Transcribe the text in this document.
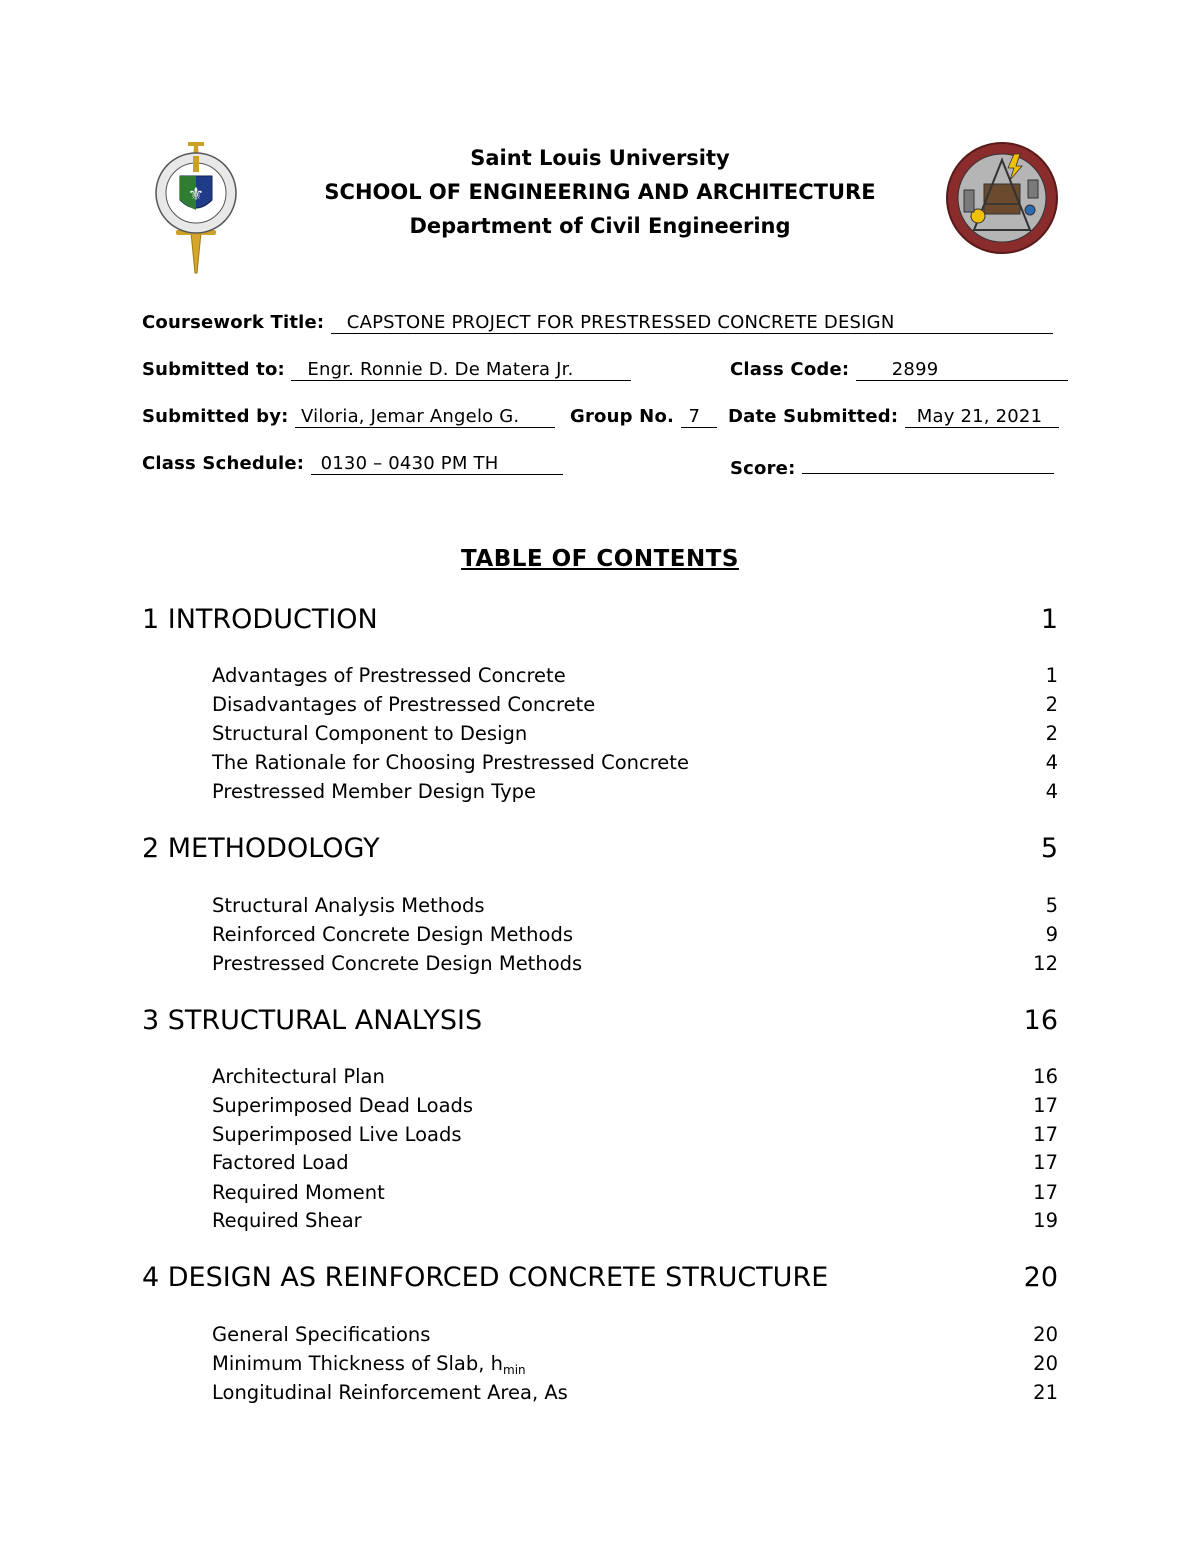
⚜
Saint Louis University
SCHOOL OF ENGINEERING AND ARCHITECTURE
Department of Civil Engineering
Coursework Title: CAPSTONE PROJECT FOR PRESTRESSED CONCRETE DESIGN
Submitted to: Engr. Ronnie D. De Matera Jr.	Class Code: 2899
Submitted by: Viloria, Jemar Angelo G.	Group No. 7	Date Submitted: May 21, 2021
Class Schedule: 0130 – 0430 PM TH	Score:
TABLE OF CONTENTS
1 INTRODUCTION	1
Advantages of Prestressed Concrete	1
Disadvantages of Prestressed Concrete	2
Structural Component to Design	2
The Rationale for Choosing Prestressed Concrete	4
Prestressed Member Design Type	4
2 METHODOLOGY	5
Structural Analysis Methods	5
Reinforced Concrete Design Methods	9
Prestressed Concrete Design Methods	12
3 STRUCTURAL ANALYSIS	16
Architectural Plan	16
Superimposed Dead Loads	17
Superimposed Live Loads	17
Factored Load	17
Required Moment	17
Required Shear	19
4 DESIGN AS REINFORCED CONCRETE STRUCTURE	20
General Specifications	20
Minimum Thickness of Slab, $h_{min}$	20
Longitudinal Reinforcement Area, As	21
